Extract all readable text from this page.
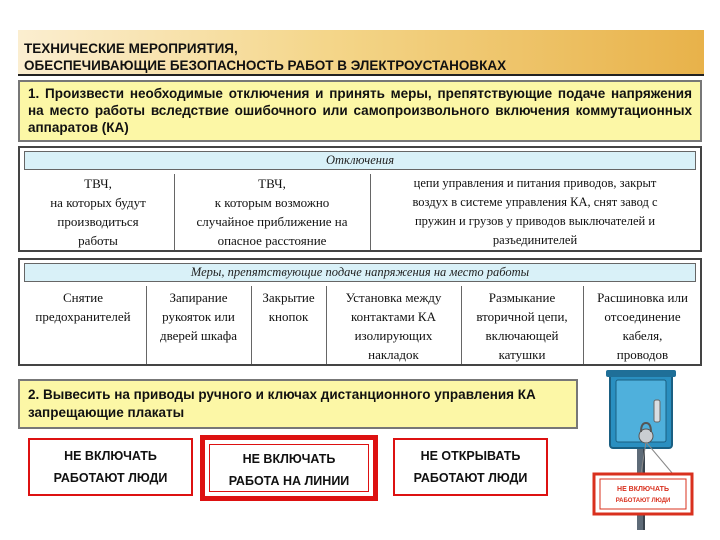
ТЕХНИЧЕСКИЕ МЕРОПРИЯТИЯ,
ОБЕСПЕЧИВАЮЩИЕ БЕЗОПАСНОСТЬ РАБОТ В ЭЛЕКТРОУСТАНОВКАХ
1. Произвести необходимые отключения и принять меры, препятствующие подаче напряжения на место работы вследствие ошибочного или самопроизвольного включения коммутационных аппаратов (КА)
Отключения
ТВЧ,
на которых будут
производиться
работы
ТВЧ,
к которым возможно
случайное приближение на
опасное расстояние
цепи управления и питания приводов, закрыт
воздух в системе управления КА, снят завод с
пружин и грузов у приводов выключателей и
разъединителей
Меры, препятствующие подаче напряжения на место работы
Снятие
предохранителей
Запирание
рукояток или
дверей шкафа
Закрытие
кнопок
Установка между
контактами КА
изолирующих
накладок
Размыкание
вторичной цепи,
включающей
катушки
Расшиновка или
отсоединение
кабеля,
проводов
2. Вывесить на приводы ручного и ключах дистанционного управления КА запрещающие плакаты
НЕ ВКЛЮЧАТЬ
РАБОТАЮТ ЛЮДИ
НЕ ВКЛЮЧАТЬ
РАБОТА НА ЛИНИИ
НЕ ОТКРЫВАТЬ
РАБОТАЮТ ЛЮДИ
НЕ ВКЛЮЧАТЬ
РАБОТАЮТ ЛЮДИ
